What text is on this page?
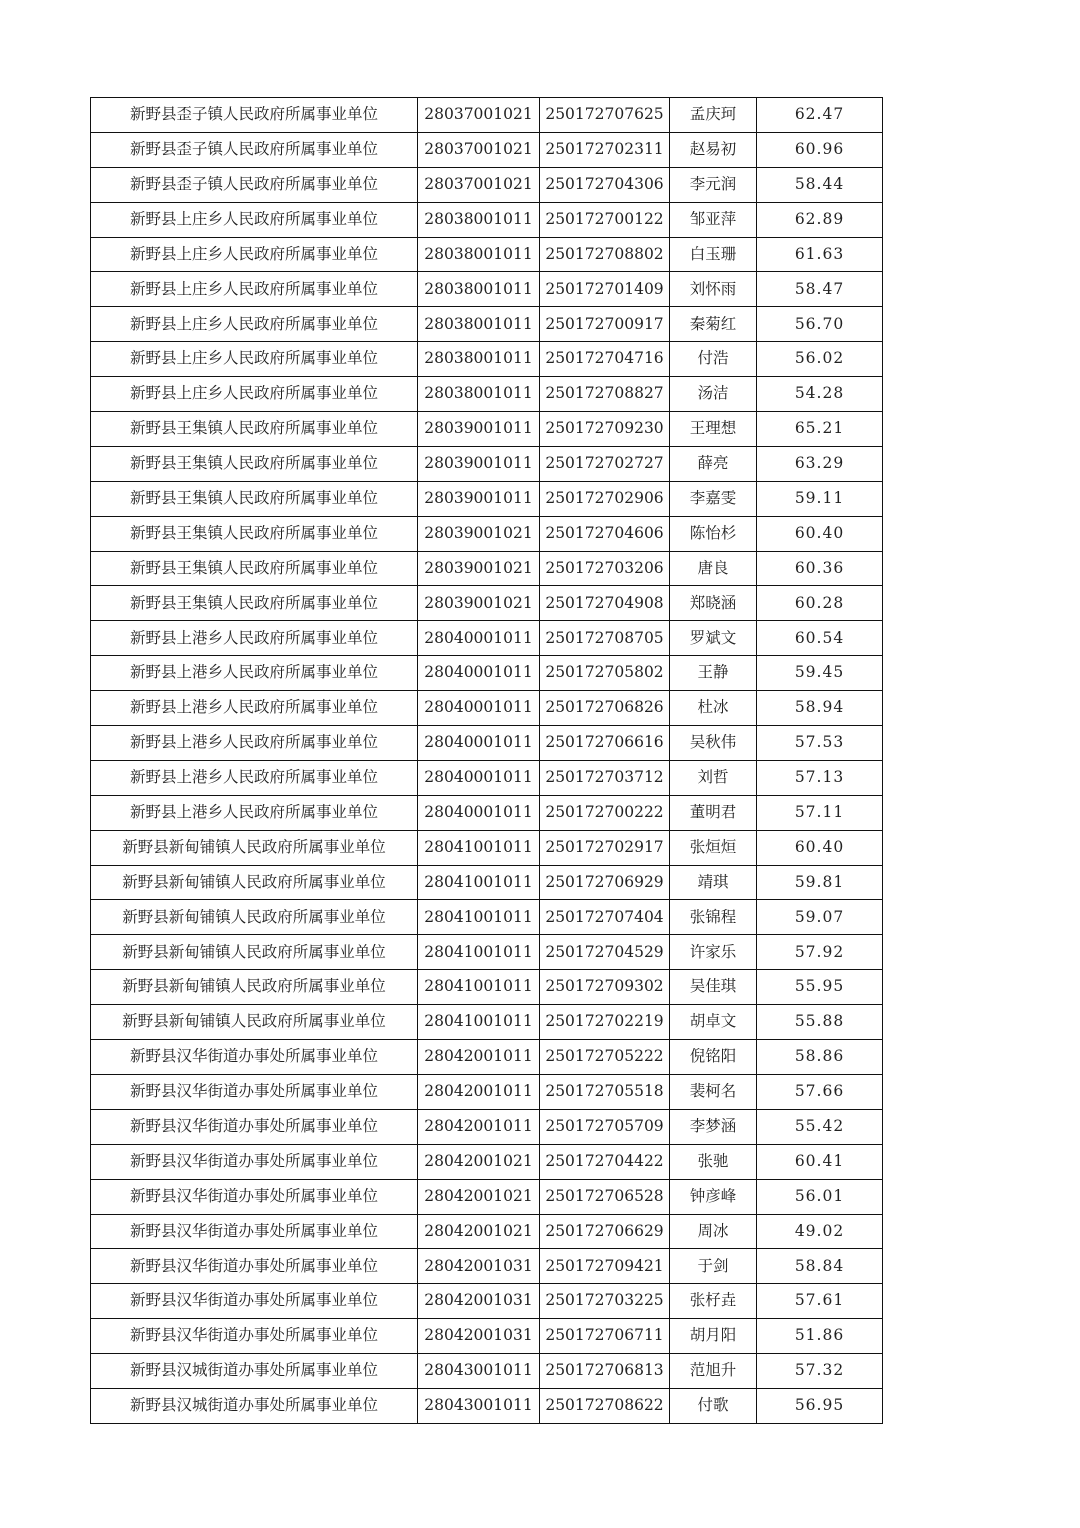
新野县歪子镇人民政府所属事业单位	28037001021	250172707625	孟庆珂	62.47
新野县歪子镇人民政府所属事业单位	28037001021	250172702311	赵易初	60.96
新野县歪子镇人民政府所属事业单位	28037001021	250172704306	李元润	58.44
新野县上庄乡人民政府所属事业单位	28038001011	250172700122	邹亚萍	62.89
新野县上庄乡人民政府所属事业单位	28038001011	250172708802	白玉珊	61.63
新野县上庄乡人民政府所属事业单位	28038001011	250172701409	刘怀雨	58.47
新野县上庄乡人民政府所属事业单位	28038001011	250172700917	秦菊红	56.70
新野县上庄乡人民政府所属事业单位	28038001011	250172704716	付浩	56.02
新野县上庄乡人民政府所属事业单位	28038001011	250172708827	汤洁	54.28
新野县王集镇人民政府所属事业单位	28039001011	250172709230	王理想	65.21
新野县王集镇人民政府所属事业单位	28039001011	250172702727	薛亮	63.29
新野县王集镇人民政府所属事业单位	28039001011	250172702906	李嘉雯	59.11
新野县王集镇人民政府所属事业单位	28039001021	250172704606	陈怡杉	60.40
新野县王集镇人民政府所属事业单位	28039001021	250172703206	唐良	60.36
新野县王集镇人民政府所属事业单位	28039001021	250172704908	郑晓涵	60.28
新野县上港乡人民政府所属事业单位	28040001011	250172708705	罗斌文	60.54
新野县上港乡人民政府所属事业单位	28040001011	250172705802	王静	59.45
新野县上港乡人民政府所属事业单位	28040001011	250172706826	杜冰	58.94
新野县上港乡人民政府所属事业单位	28040001011	250172706616	吴秋伟	57.53
新野县上港乡人民政府所属事业单位	28040001011	250172703712	刘哲	57.13
新野县上港乡人民政府所属事业单位	28040001011	250172700222	董明君	57.11
新野县新甸铺镇人民政府所属事业单位	28041001011	250172702917	张烜烜	60.40
新野县新甸铺镇人民政府所属事业单位	28041001011	250172706929	靖琪	59.81
新野县新甸铺镇人民政府所属事业单位	28041001011	250172707404	张锦程	59.07
新野县新甸铺镇人民政府所属事业单位	28041001011	250172704529	许家乐	57.92
新野县新甸铺镇人民政府所属事业单位	28041001011	250172709302	吴佳琪	55.95
新野县新甸铺镇人民政府所属事业单位	28041001011	250172702219	胡卓文	55.88
新野县汉华街道办事处所属事业单位	28042001011	250172705222	倪铭阳	58.86
新野县汉华街道办事处所属事业单位	28042001011	250172705518	裴柯名	57.66
新野县汉华街道办事处所属事业单位	28042001011	250172705709	李梦涵	55.42
新野县汉华街道办事处所属事业单位	28042001021	250172704422	张驰	60.41
新野县汉华街道办事处所属事业单位	28042001021	250172706528	钟彦峰	56.01
新野县汉华街道办事处所属事业单位	28042001021	250172706629	周冰	49.02
新野县汉华街道办事处所属事业单位	28042001031	250172709421	于剑	58.84
新野县汉华街道办事处所属事业单位	28042001031	250172703225	张杍垚	57.61
新野县汉华街道办事处所属事业单位	28042001031	250172706711	胡月阳	51.86
新野县汉城街道办事处所属事业单位	28043001011	250172706813	范旭升	57.32
新野县汉城街道办事处所属事业单位	28043001011	250172708622	付歌	56.95
